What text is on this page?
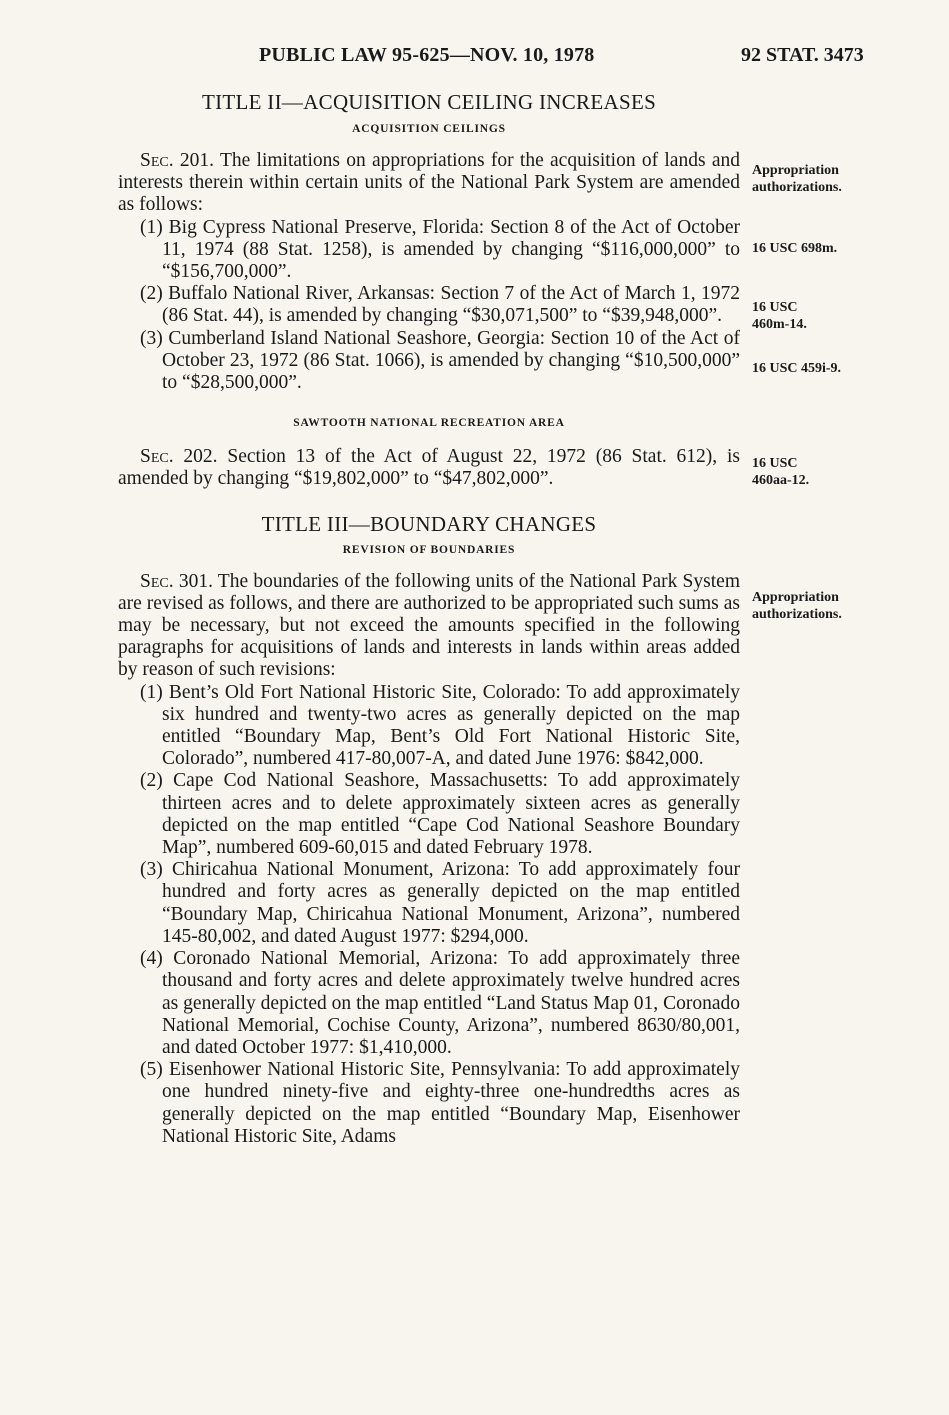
PUBLIC LAW 95-625—NOV. 10, 1978	92 STAT. 3473
TITLE II—ACQUISITION CEILING INCREASES
ACQUISITION CEILINGS

Sec. 201. The limitations on appropriations for the acquisition of lands and interests therein within certain units of the National Park System are amended as follows:

(1) Big Cypress National Preserve, Florida: Section 8 of the Act of October 11, 1974 (88 Stat. 1258), is amended by changing “$116,000,000” to “$156,700,000”.

(2) Buffalo National River, Arkansas: Section 7 of the Act of March 1, 1972 (86 Stat. 44), is amended by changing “$30,071,500” to “$39,948,000”.

(3) Cumberland Island National Seashore, Georgia: Section 10 of the Act of October 23, 1972 (86 Stat. 1066), is amended by changing “$10,500,000” to “$28,500,000”.

SAWTOOTH NATIONAL RECREATION AREA

Sec. 202. Section 13 of the Act of August 22, 1972 (86 Stat. 612), is amended by changing “$19,802,000” to “$47,802,000”.

TITLE III—BOUNDARY CHANGES
REVISION OF BOUNDARIES

Sec. 301. The boundaries of the following units of the National Park System are revised as follows, and there are authorized to be appropriated such sums as may be necessary, but not exceed the amounts specified in the following paragraphs for acquisitions of lands and interests in lands within areas added by reason of such revisions:

(1) Bent’s Old Fort National Historic Site, Colorado: To add approximately six hundred and twenty-two acres as generally depicted on the map entitled “Boundary Map, Bent’s Old Fort National Historic Site, Colorado”, numbered 417-80,007-A, and dated June 1976: $842,000.

(2) Cape Cod National Seashore, Massachusetts: To add approximately thirteen acres and to delete approximately sixteen acres as generally depicted on the map entitled “Cape Cod National Seashore Boundary Map”, numbered 609-60,015 and dated February 1978.

(3) Chiricahua National Monument, Arizona: To add approximately four hundred and forty acres as generally depicted on the map entitled “Boundary Map, Chiricahua National Monument, Arizona”, numbered 145-80,002, and dated August 1977: $294,000.

(4) Coronado National Memorial, Arizona: To add approximately three thousand and forty acres and delete approximately twelve hundred acres as generally depicted on the map entitled “Land Status Map 01, Coronado National Memorial, Cochise County, Arizona”, numbered 8630/80,001, and dated October 1977: $1,410,000.

(5) Eisenhower National Historic Site, Pennsylvania: To add approximately one hundred ninety-five and eighty-three one-hundredths acres as generally depicted on the map entitled “Boundary Map, Eisenhower National Historic Site, Adams

Appropriation
authorizations.
16 USC 698m.
16 USC
460m-14.
16 USC 459i-9.
16 USC
460aa-12.
Appropriation
authorizations.
